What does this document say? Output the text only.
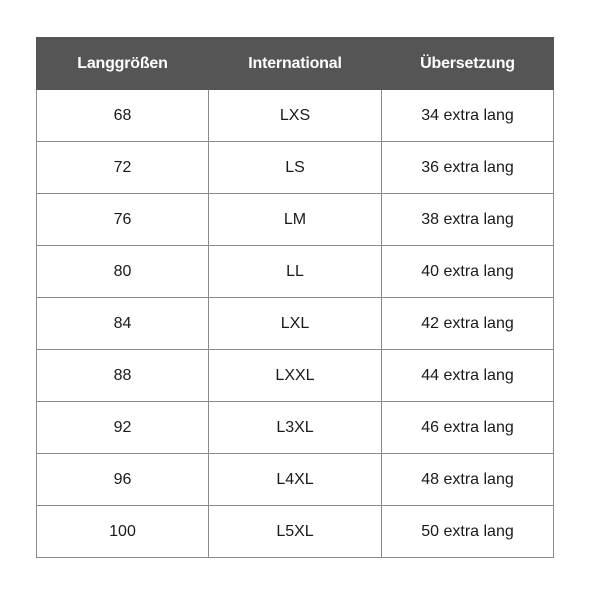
Langgrößen	International	Übersetzung
68	LXS	34 extra lang
72	LS	36 extra lang
76	LM	38 extra lang
80	LL	40 extra lang
84	LXL	42 extra lang
88	LXXL	44 extra lang
92	L3XL	46 extra lang
96	L4XL	48 extra lang
100	L5XL	50 extra lang
